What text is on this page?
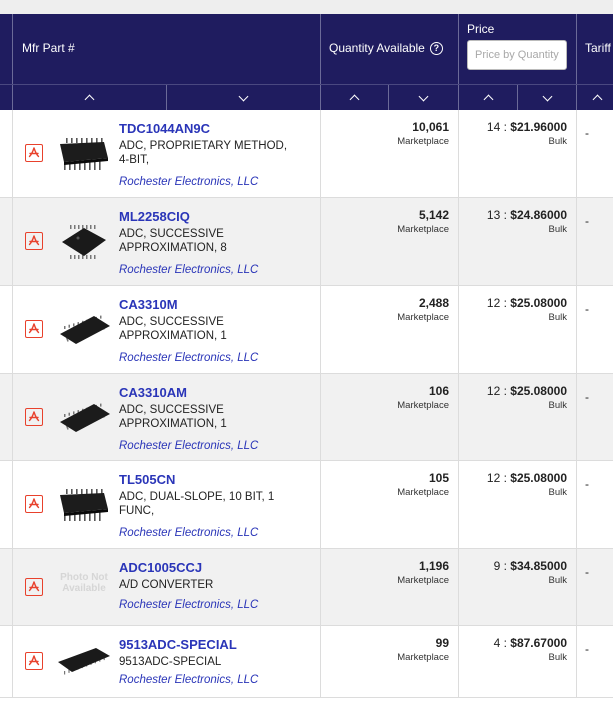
Mfr Part #	Quantity Available ?
Price
Price by Quantity
Tariff
TDC1044AN9C
ADC, PROPRIETARY METHOD, 4-BIT,
Rochester Electronics, LLC
10,061
Marketplace
14 : $21.96000
Bulk
-
ML2258CIQ
ADC, SUCCESSIVE APPROXIMATION, 8
Rochester Electronics, LLC
5,142
Marketplace
13 : $24.86000
Bulk
-
CA3310M
ADC, SUCCESSIVE APPROXIMATION, 1
Rochester Electronics, LLC
2,488
Marketplace
12 : $25.08000
Bulk
-
CA3310AM
ADC, SUCCESSIVE APPROXIMATION, 1
Rochester Electronics, LLC
106
Marketplace
12 : $25.08000
Bulk
-
TL505CN
ADC, DUAL-SLOPE, 10 BIT, 1 FUNC,
Rochester Electronics, LLC
105
Marketplace
12 : $25.08000
Bulk
-
Photo Not Available
ADC1005CCJ
A/D CONVERTER
Rochester Electronics, LLC
1,196
Marketplace
9 : $34.85000
Bulk
-
9513ADC-SPECIAL
9513ADC-SPECIAL
Rochester Electronics, LLC
99
Marketplace
4 : $87.67000
Bulk
-
